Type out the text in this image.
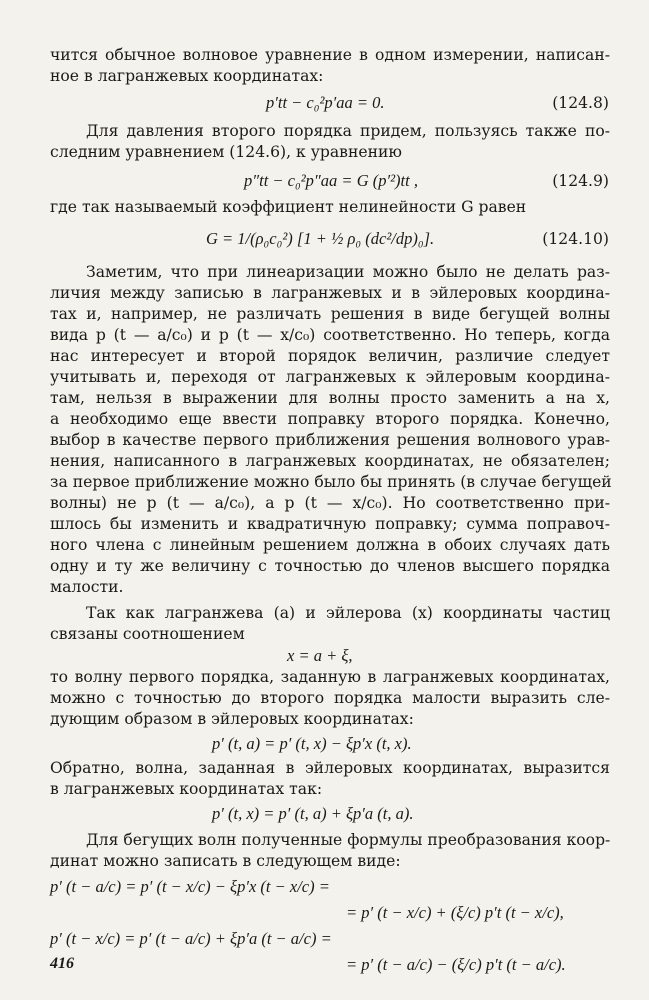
чится обычное волновое уравнение в одном измерении, написан-
ное в лагранжевых координатах:
p′tt − c₀²p′aa = 0.	(124.8)
Для давления второго порядка придем, пользуясь также по-
следним уравнением (124.6), к уравнению
p″tt − c₀²p″aa = G (p′²)tt ,	(124.9)
где так называемый коэффициент нелинейности G равен
G = 1/(ρ₀c₀²) [1 + ½ ρ₀ (dc²/dp)₀].	(124.10)
Заметим, что при линеаризации можно было не делать раз-
личия между записью в лагранжевых и в эйлеровых координа-
тах и, например, не различать решения в виде бегущей волны
вида p (t — a/c₀) и p (t — x/c₀) соответственно. Но теперь, когда
нас интересует и второй порядок величин, различие следует
учитывать и, переходя от лагранжевых к эйлеровым координа-
там, нельзя в выражении для волны просто заменить a на x,
а необходимо еще ввести поправку второго порядка. Конечно,
выбор в качестве первого приближения решения волнового урав-
нения, написанного в лагранжевых координатах, не обязателен;
за первое приближение можно было бы принять (в случае бегущей
волны) не p (t — a/c₀), а p (t — x/c₀). Но соответственно при-
шлось бы изменить и квадратичную поправку; сумма поправоч-
ного члена с линейным решением должна в обоих случаях дать
одну и ту же величину с точностью до членов высшего порядка
малости.
Так как лагранжева (a) и эйлерова (x) координаты частиц
связаны соотношением
x = a + ξ,
то волну первого порядка, заданную в лагранжевых координатах,
можно с точностью до второго порядка малости выразить сле-
дующим образом в эйлеровых координатах:
p′ (t, a) = p′ (t, x) − ξp′x (t, x).
Обратно, волна, заданная в эйлеровых координатах, выразится
в лагранжевых координатах так:
p′ (t, x) = p′ (t, a) + ξp′a (t, a).
Для бегущих волн полученные формулы преобразования коор-
динат можно записать в следующем виде:
p′ (t − a/c) = p′ (t − x/c) − ξp′x (t − x/c) =
= p′ (t − x/c) + (ξ/c) p′t (t − x/c),
p′ (t − x/c) = p′ (t − a/c) + ξp′a (t − a/c) =
= p′ (t − a/c) − (ξ/c) p′t (t − a/c).
416
